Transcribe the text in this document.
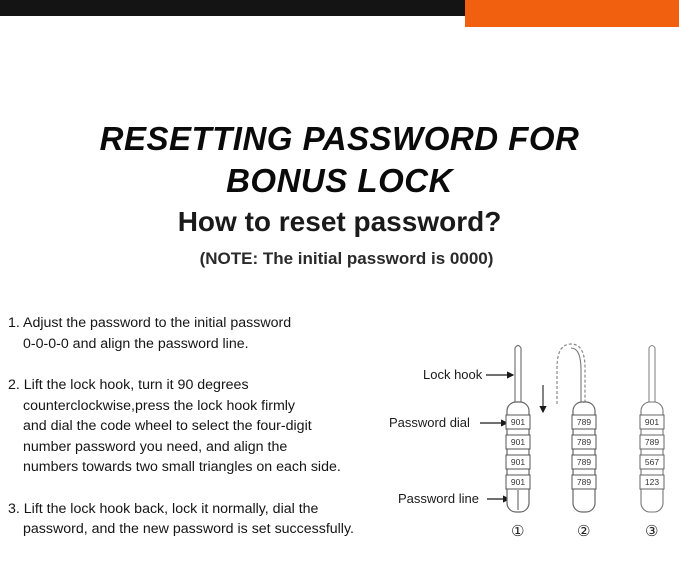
RESETTING PASSWORD FOR
BONUS LOCK
How to reset password?
(NOTE: The initial password is 0000)
1. Adjust the password to the initial password
0-0-0-0 and align the password line.
2. Lift the lock hook, turn it 90 degrees
counterclockwise,press the lock hook firmly
and dial the code wheel to select the four-digit
number password you need, and align the
numbers towards two small triangles on each side.
3. Lift the lock hook back, lock it normally, dial the
password, and the new password is set successfully.
Lock hook
Password dial
Password line
901
901
901
901
①
789
789
789
789
②
901
789
567
123
③
